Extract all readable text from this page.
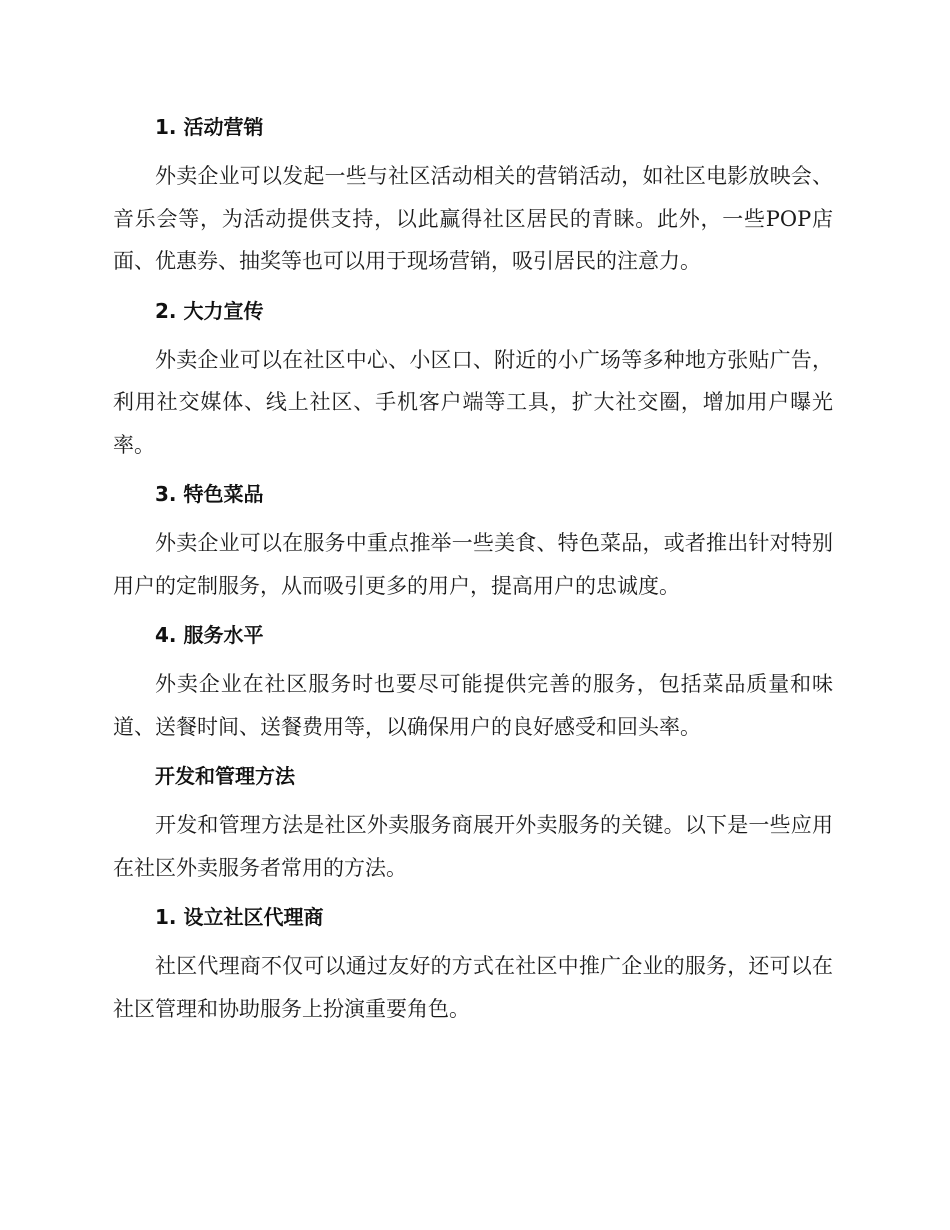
1. 活动营销

外卖企业可以发起一些与社区活动相关的营销活动，如社区电影放映会、音乐会等，为活动提供支持，以此赢得社区居民的青睐。此外，一些POP店面、优惠券、抽奖等也可以用于现场营销，吸引居民的注意力。

2. 大力宣传

外卖企业可以在社区中心、小区口、附近的小广场等多种地方张贴广告，利用社交媒体、线上社区、手机客户端等工具，扩大社交圈，增加用户曝光率。

3. 特色菜品

外卖企业可以在服务中重点推举一些美食、特色菜品，或者推出针对特别用户的定制服务，从而吸引更多的用户，提高用户的忠诚度。

4. 服务水平

外卖企业在社区服务时也要尽可能提供完善的服务，包括菜品质量和味道、送餐时间、送餐费用等，以确保用户的良好感受和回头率。

开发和管理方法

开发和管理方法是社区外卖服务商展开外卖服务的关键。以下是一些应用在社区外卖服务者常用的方法。

1. 设立社区代理商

社区代理商不仅可以通过友好的方式在社区中推广企业的服务，还可以在社区管理和协助服务上扮演重要角色。
